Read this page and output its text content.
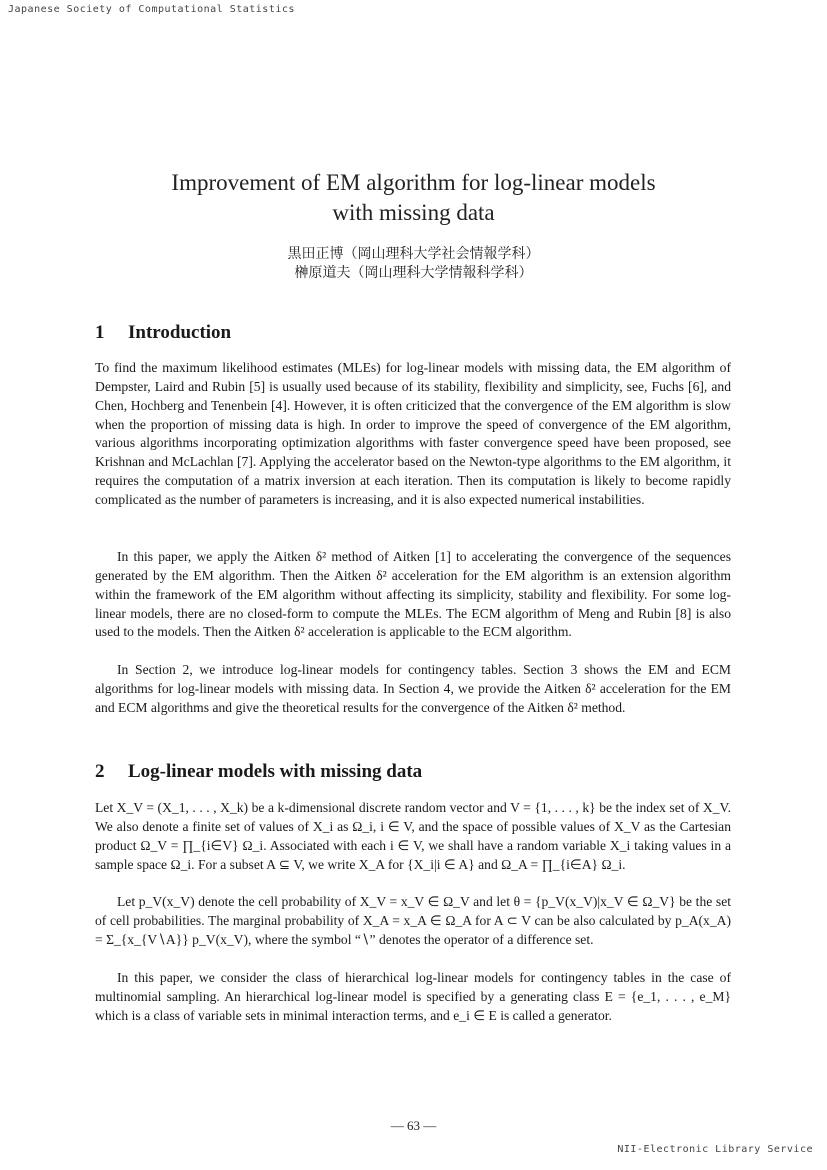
Japanese Society of Computational Statistics
Improvement of EM algorithm for log-linear models
with missing data
黒田正博（岡山理科大学社会情報学科）
榊原道夫（岡山理科大学情報科学科）
1 Introduction

To find the maximum likelihood estimates (MLEs) for log-linear models with missing data, the EM algorithm of Dempster, Laird and Rubin [5] is usually used because of its stability, flexibility and simplicity, see, Fuchs [6], and Chen, Hochberg and Tenenbein [4]. However, it is often criticized that the convergence of the EM algorithm is slow when the proportion of missing data is high. In order to improve the speed of convergence of the EM algorithm, various algorithms incorporating optimization algorithms with faster convergence speed have been proposed, see Krishnan and McLachlan [7]. Applying the accelerator based on the Newton-type algorithms to the EM algorithm, it requires the computation of a matrix inversion at each iteration. Then its computation is likely to become rapidly complicated as the number of parameters is increasing, and it is also expected numerical instabilities.

In this paper, we apply the Aitken δ² method of Aitken [1] to accelerating the convergence of the sequences generated by the EM algorithm. Then the Aitken δ² acceleration for the EM algorithm is an extension algorithm within the framework of the EM algorithm without affecting its simplicity, stability and flexibility. For some log-linear models, there are no closed-form to compute the MLEs. The ECM algorithm of Meng and Rubin [8] is also used to the models. Then the Aitken δ² acceleration is applicable to the ECM algorithm.

In Section 2, we introduce log-linear models for contingency tables. Section 3 shows the EM and ECM algorithms for log-linear models with missing data. In Section 4, we provide the Aitken δ² acceleration for the EM and ECM algorithms and give the theoretical results for the convergence of the Aitken δ² method.

2 Log-linear models with missing data

Let X_V = (X_1, . . . , X_k) be a k-dimensional discrete random vector and V = {1, . . . , k} be the index set of X_V. We also denote a finite set of values of X_i as Ω_i, i ∈ V, and the space of possible values of X_V as the Cartesian product Ω_V = ∏_{i∈V} Ω_i. Associated with each i ∈ V, we shall have a random variable X_i taking values in a sample space Ω_i. For a subset A ⊆ V, we write X_A for {X_i|i ∈ A} and Ω_A = ∏_{i∈A} Ω_i.

Let p_V(x_V) denote the cell probability of X_V = x_V ∈ Ω_V and let θ = {p_V(x_V)|x_V ∈ Ω_V} be the set of cell probabilities. The marginal probability of X_A = x_A ∈ Ω_A for A ⊂ V can be also calculated by p_A(x_A) = Σ_{x_{V∖A}} p_V(x_V), where the symbol “∖” denotes the operator of a difference set.

In this paper, we consider the class of hierarchical log-linear models for contingency tables in the case of multinomial sampling. An hierarchical log-linear model is specified by a generating class E = {e_1, . . . , e_M} which is a class of variable sets in minimal interaction terms, and e_i ∈ E is called a generator.

— 63 —
NII-Electronic Library Service
